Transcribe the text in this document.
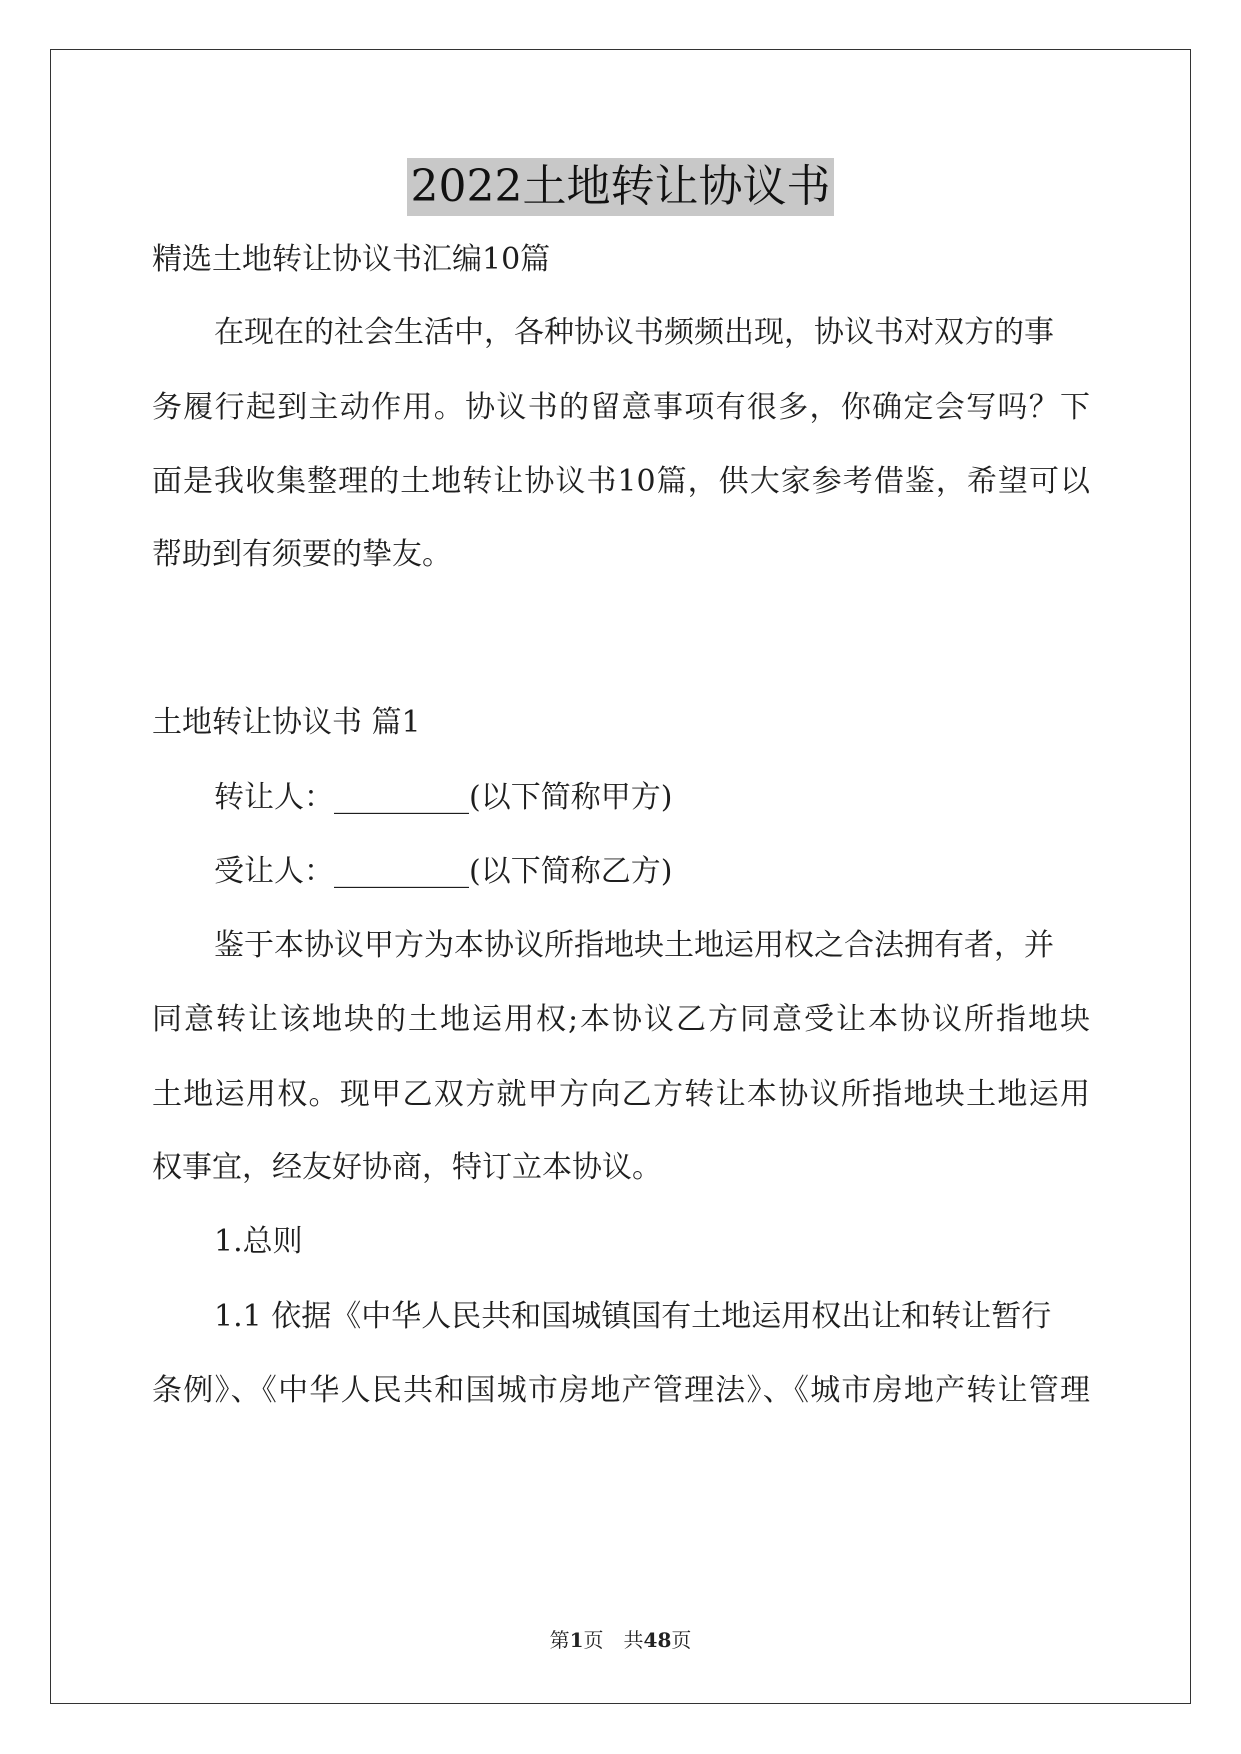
2022土地转让协议书
精选土地转让协议书汇编10篇
在现在的社会生活中，各种协议书频频出现，协议书对双方的事
务履行起到主动作用。协议书的留意事项有很多，你确定会写吗？下
面是我收集整理的土地转让协议书10篇，供大家参考借鉴，希望可以
帮助到有须要的挚友。
土地转让协议书 篇1
转让人：_________(以下简称甲方)
受让人：_________(以下简称乙方)
鉴于本协议甲方为本协议所指地块土地运用权之合法拥有者，并
同意转让该地块的土地运用权;本协议乙方同意受让本协议所指地块
土地运用权。现甲乙双方就甲方向乙方转让本协议所指地块土地运用
权事宜，经友好协商，特订立本协议。
1.总则
1.1 依据《中华人民共和国城镇国有土地运用权出让和转让暂行
条例》、《中华人民共和国城市房地产管理法》、《城市房地产转让管理
第1页　共48页
